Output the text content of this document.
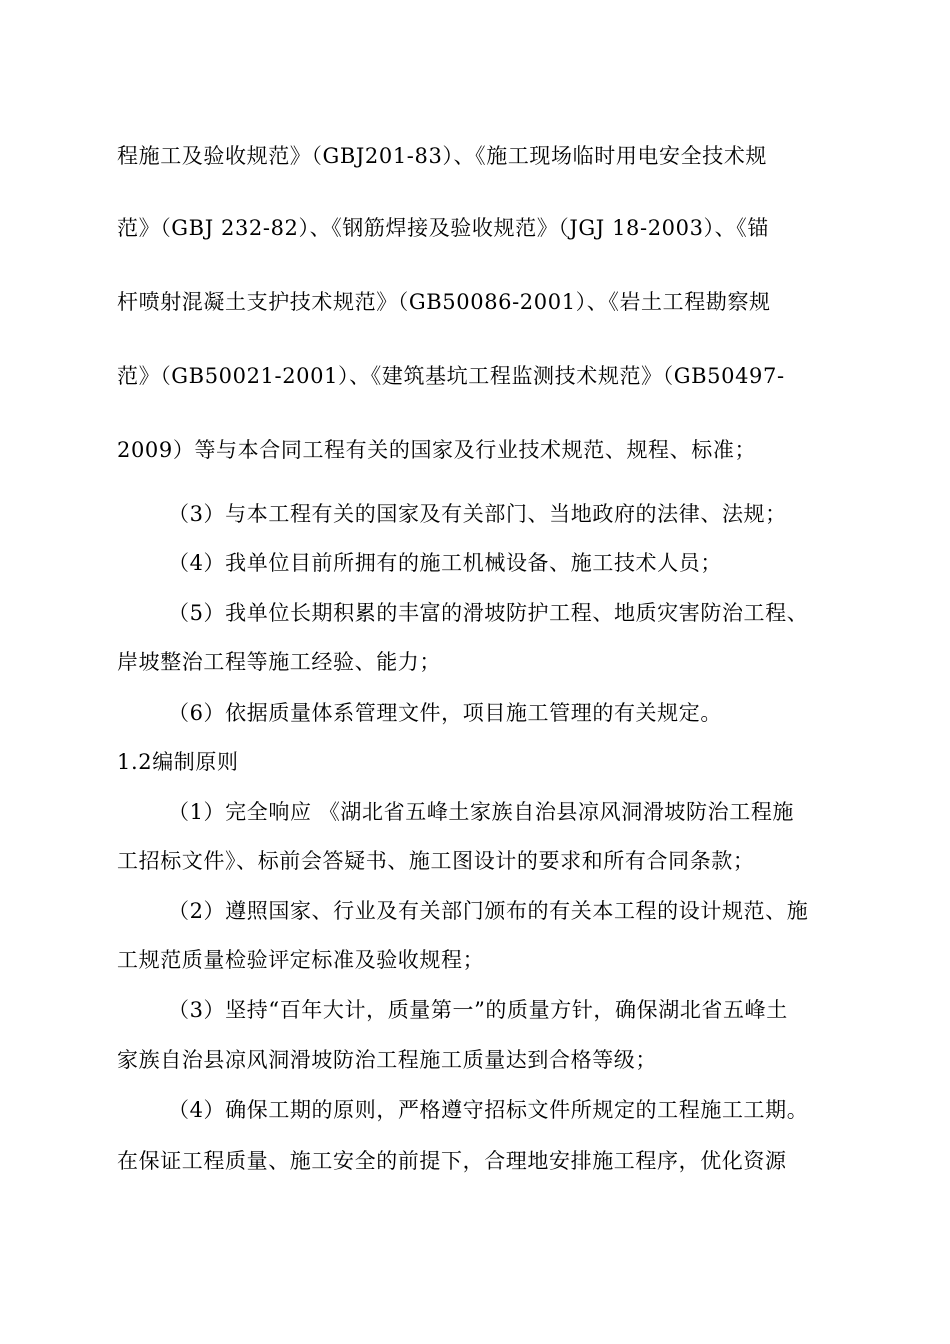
程施工及验收规范》（GBJ201-83）、《施工现场临时用电安全技术规
范》（GBJ 232-82）、《钢筋焊接及验收规范》（JGJ 18-2003）、《锚
杆喷射混凝土支护技术规范》（GB50086-2001）、《岩土工程勘察规
范》（GB50021-2001）、《建筑基坑工程监测技术规范》（GB50497-
2009）等与本合同工程有关的国家及行业技术规范、规程、标准；
（3）与本工程有关的国家及有关部门、当地政府的法律、法规；
（4）我单位目前所拥有的施工机械设备、施工技术人员；
（5）我单位长期积累的丰富的滑坡防护工程、地质灾害防治工程、
岸坡整治工程等施工经验、能力；
（6）依据质量体系管理文件，项目施工管理的有关规定。
1.2编制原则
（1）完全响应 《湖北省五峰土家族自治县凉风洞滑坡防治工程施
工招标文件》、标前会答疑书、施工图设计的要求和所有合同条款；
（2）遵照国家、行业及有关部门颁布的有关本工程的设计规范、施
工规范质量检验评定标准及验收规程；
（3）坚持“百年大计，质量第一”的质量方针，确保湖北省五峰土
家族自治县凉风洞滑坡防治工程施工质量达到合格等级；
（4）确保工期的原则，严格遵守招标文件所规定的工程施工工期。
在保证工程质量、施工安全的前提下，合理地安排施工程序，优化资源
